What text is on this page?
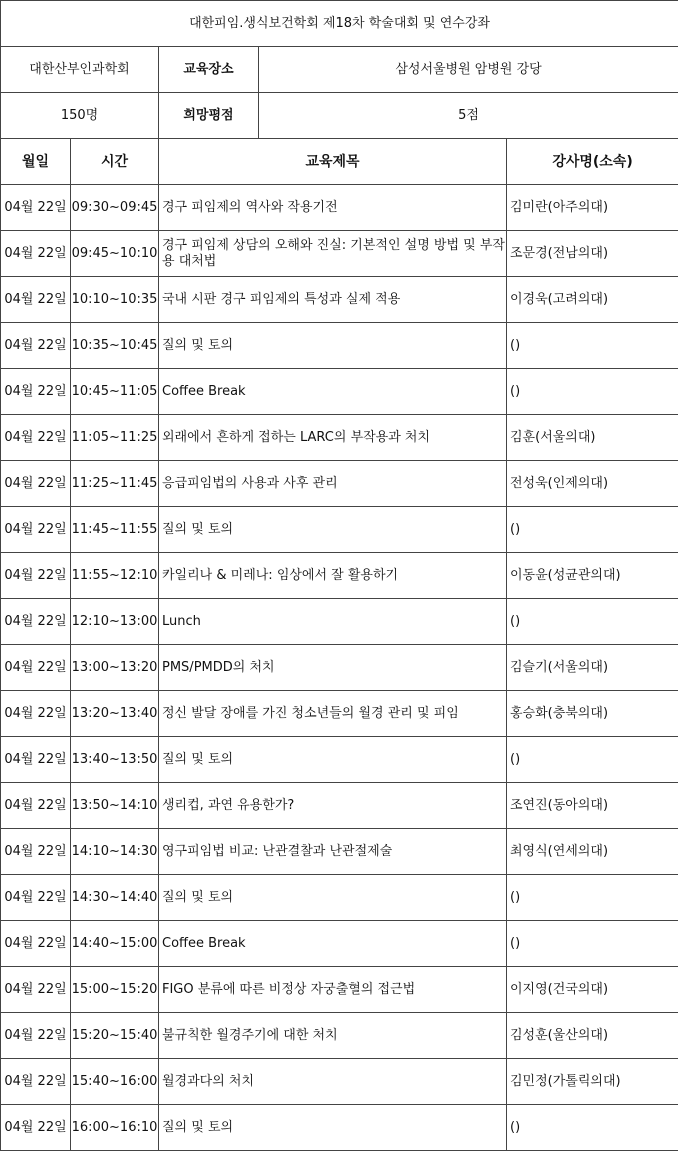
대한피임.생식보건학회 제18차 학술대회 및 연수강좌				
대한산부인과학회		교육장소	삼성서울병원 암병원 강당	
150명		희망평점	5점	
월일	시간	교육제목		강사명(소속)
04월 22일	09:30~09:45	경구 피임제의 역사와 작용기전		김미란(아주의대)
04월 22일	09:45~10:10	경구 피임제 상담의 오해와 진실: 기본적인 설명 방법 및 부작용 대처법		조문경(전남의대)
04월 22일	10:10~10:35	국내 시판 경구 피임제의 특성과 실제 적용		이경욱(고려의대)
04월 22일	10:35~10:45	질의 및 토의		()
04월 22일	10:45~11:05	Coffee Break		()
04월 22일	11:05~11:25	외래에서 흔하게 접하는 LARC의 부작용과 처치		김훈(서울의대)
04월 22일	11:25~11:45	응급피임법의 사용과 사후 관리		전성욱(인제의대)
04월 22일	11:45~11:55	질의 및 토의		()
04월 22일	11:55~12:10	카일리나 & 미레나: 임상에서 잘 활용하기		이동윤(성균관의대)
04월 22일	12:10~13:00	Lunch		()
04월 22일	13:00~13:20	PMS/PMDD의 처치		김슬기(서울의대)
04월 22일	13:20~13:40	정신 발달 장애를 가진 청소년들의 월경 관리 및 피임		홍승화(충북의대)
04월 22일	13:40~13:50	질의 및 토의		()
04월 22일	13:50~14:10	생리컵, 과연 유용한가?		조연진(동아의대)
04월 22일	14:10~14:30	영구피임법 비교: 난관결찰과 난관절제술		최영식(연세의대)
04월 22일	14:30~14:40	질의 및 토의		()
04월 22일	14:40~15:00	Coffee Break		()
04월 22일	15:00~15:20	FIGO 분류에 따른 비정상 자궁출혈의 접근법		이지영(건국의대)
04월 22일	15:20~15:40	불규칙한 월경주기에 대한 처치		김성훈(울산의대)
04월 22일	15:40~16:00	월경과다의 처치		김민정(가톨릭의대)
04월 22일	16:00~16:10	질의 및 토의		()
